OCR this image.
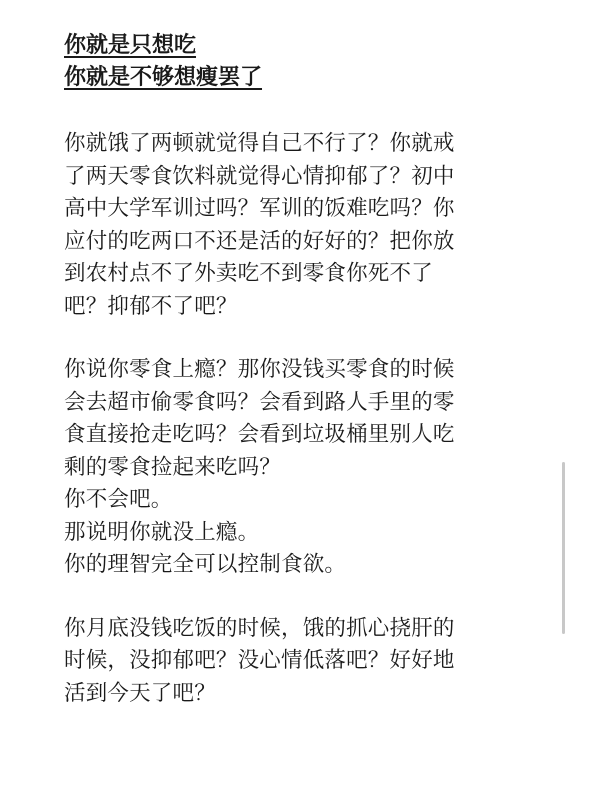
你就是只想吃
你就是不够想瘦罢了
你就饿了两顿就觉得自己不行了？你就戒
了两天零食饮料就觉得心情抑郁了？初中
高中大学军训过吗？军训的饭难吃吗？你
应付的吃两口不还是活的好好的？把你放
到农村点不了外卖吃不到零食你死不了
吧？抑郁不了吧？
你说你零食上瘾？那你没钱买零食的时候
会去超市偷零食吗？会看到路人手里的零
食直接抢走吃吗？会看到垃圾桶里别人吃
剩的零食捡起来吃吗？
你不会吧。
那说明你就没上瘾。
你的理智完全可以控制食欲。
你月底没钱吃饭的时候，饿的抓心挠肝的
时候，没抑郁吧？没心情低落吧？好好地
活到今天了吧？
